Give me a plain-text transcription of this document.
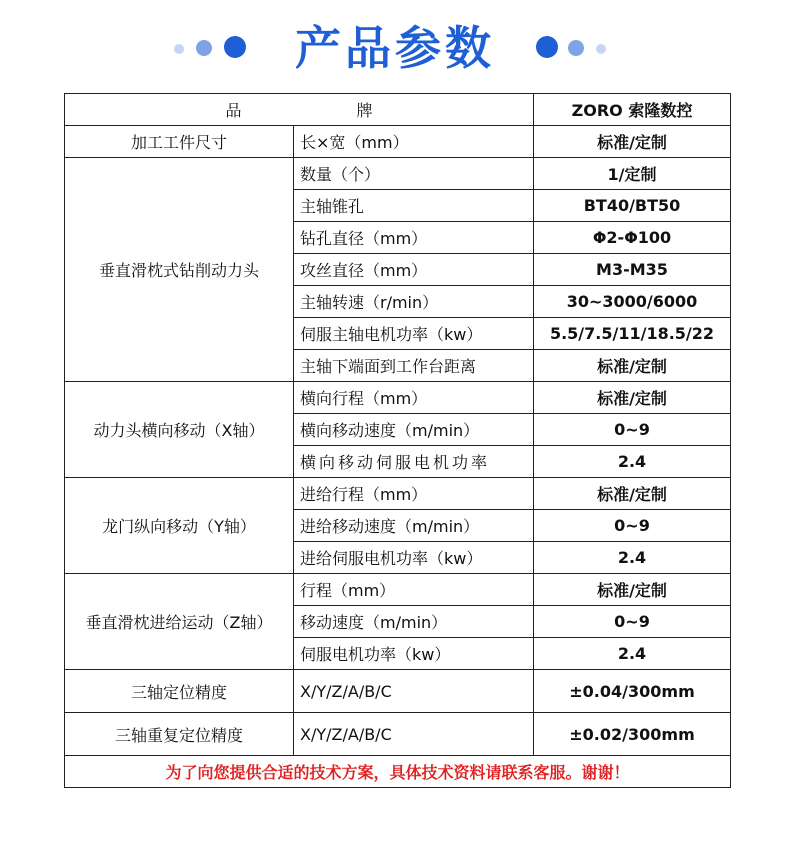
产品参数
品 牌		ZORO 索隆数控
加工工件尺寸	长×宽（mm）	标准/定制
垂直滑枕式钻削动力头	数量（个）	1/定制
	主轴锥孔	BT40/BT50
	钻孔直径（mm）	Φ2-Φ100
	攻丝直径（mm）	M3-M35
	主轴转速（r/min）	30~3000/6000
	伺服主轴电机功率（kw）	5.5/7.5/11/18.5/22
	主轴下端面到工作台距离	标准/定制
动力头横向移动（X轴）	横向行程（mm）	标准/定制
	横向移动速度（m/min）	0~9
	横向移动伺服电机功率	2.4
龙门纵向移动（Y轴）	进给行程（mm）	标准/定制
	进给移动速度（m/min）	0~9
	进给伺服电机功率（kw）	2.4
垂直滑枕进给运动（Z轴）	行程（mm）	标准/定制
	移动速度（m/min）	0~9
	伺服电机功率（kw）	2.4
三轴定位精度	X/Y/Z/A/B/C	±0.04/300mm
三轴重复定位精度	X/Y/Z/A/B/C	±0.02/300mm
为了向您提供合适的技术方案，具体技术资料请联系客服。谢谢！		
